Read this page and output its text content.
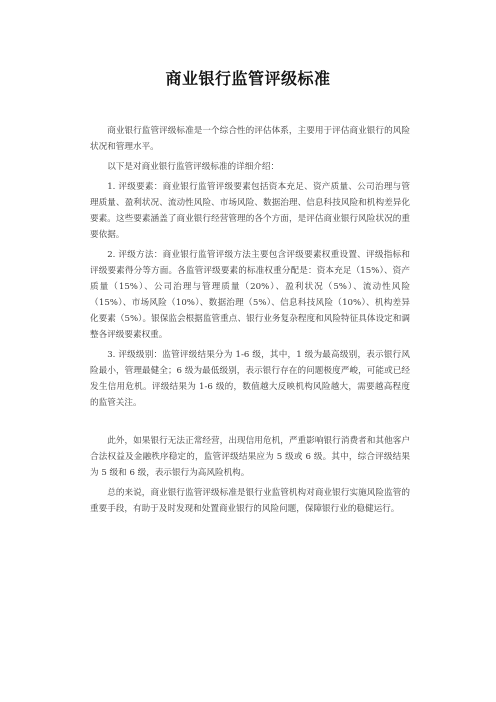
商业银行监管评级标准

商业银行监管评级标准是一个综合性的评估体系，主要用于评估商业银行的风险状况和管理水平。

以下是对商业银行监管评级标准的详细介绍：

1. 评级要素：商业银行监管评级要素包括资本充足、资产质量、公司治理与管理质量、盈利状况、流动性风险、市场风险、数据治理、信息科技风险和机构差异化要素。这些要素涵盖了商业银行经营管理的各个方面，是评估商业银行风险状况的重要依据。

2. 评级方法：商业银行监管评级方法主要包含评级要素权重设置、评级指标和评级要素得分等方面。各监管评级要素的标准权重分配是：资本充足（15%）、资产质量（15%）、公司治理与管理质量（20%）、盈利状况（5%）、流动性风险（15%）、市场风险（10%）、数据治理（5%）、信息科技风险（10%）、机构差异化要素（5%）。银保监会根据监管重点、银行业务复杂程度和风险特征具体设定和调整各评级要素权重。

3. 评级级别：监管评级结果分为 1-6 级，其中，1 级为最高级别，表示银行风险最小，管理最健全；6 级为最低级别，表示银行存在的问题极度严峻，可能或已经发生信用危机。评级结果为 1-6 级的，数值越大反映机构风险越大，需要越高程度的监管关注。

此外，如果银行无法正常经营，出现信用危机，严重影响银行消费者和其他客户合法权益及金融秩序稳定的，监管评级结果应为 5 级或 6 级。其中，综合评级结果为 5 级和 6 级，表示银行为高风险机构。

总的来说，商业银行监管评级标准是银行业监管机构对商业银行实施风险监管的重要手段，有助于及时发现和处置商业银行的风险问题，保障银行业的稳健运行。
